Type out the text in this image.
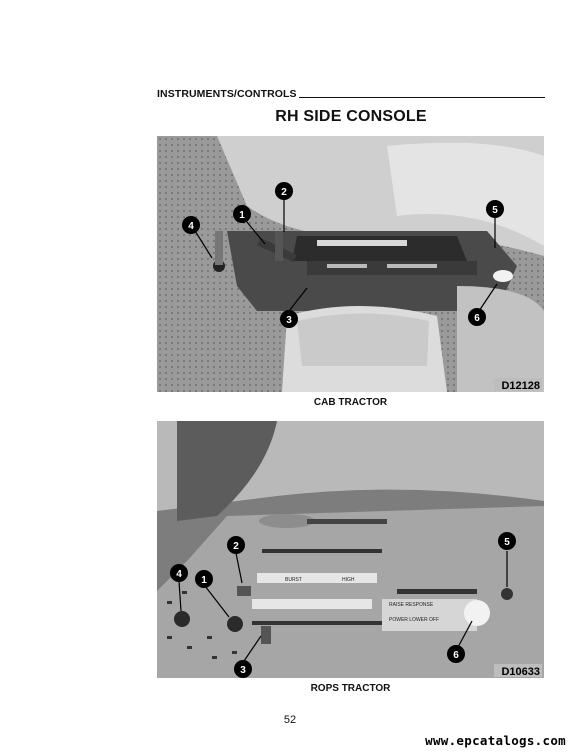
INSTRUMENTS/CONTROLS
RH SIDE CONSOLE
1
2
3
4
5
6
D12128
CAB TRACTOR
BURST	HIGH
RAISE RESPONSE
POWER LOWER OFF
1
2
3
4
5
6
D10633
ROPS TRACTOR
52
www.epcatalogs.com
